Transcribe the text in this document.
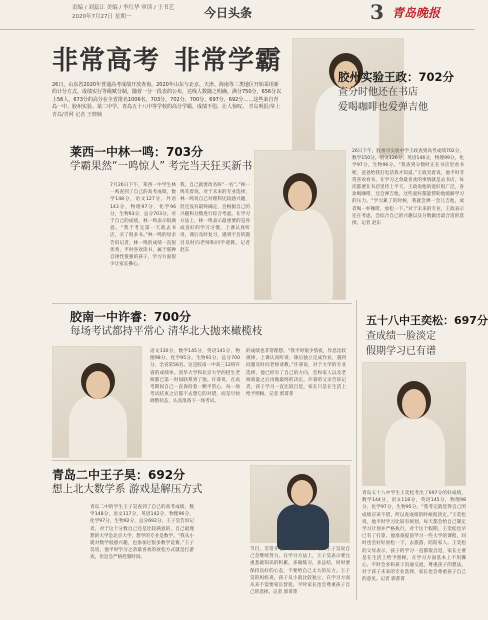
责编 / 刘蕊江 美编 / 李红华 审读 / 王书艺
2020年7月27日 星期一	今日头条	3 青岛晚报
非常高考 非常学霸
26日，山东省2020年普通高考成绩开放查询。2020年山东与北京、天津、海南等二类地区开始采用新的计分方式，成绩实行等级赋分制，随着一分一段表的公布，达线人数随之明确。满分750分，656分以上56人，673分的高分在全省排名1006名，703分、702分、700分、697分、692分……这些来自青岛一中、胶州实验、第二中学、青岛五十八中等学校的高分学霸，成绩不俗，让人惊叹。 青岛晚报/掌上青岛/青网 记者 王晓楠
胶州实验王政：702分
查分时他还在书店
爱喝咖啡也爱弹吉他
26日下午，胶州市实验中学王政查到高考成绩702分，数学150分，语文126分，英语146分，物理99分，化学97分，生物96分。“我查到分数时正在书店里看书呢，爸爸给我打电话我才知道。”王政笑着说，他平时非常喜欢看书，在学习之余最喜欢的事情就是去书店，每次都要在书店里待上半天。王政说他的爱好很广泛，喜欢喝咖啡，还会弹吉他，这些爱好都能帮助他缓解学习的压力。“学习累了的时候，我就会弹一会儿吉他，或者喝一杯咖啡，放松一下。”对于未来的专业，王政表示还在考虑，会综合自己的兴趣以及分数做出最合适的选择。记者 赵东
莱西一中林一鸣：703分
学霸果然“一鸣惊人” 考完当天狂买新书
7月26日下午，莱西一中学生林一鸣查到了自己的高考成绩，数学148分，语文127分，外语143分，物理97分，化学96分，生物93分，总分703分。对于自己的成绩，林一鸣表示很满意。“我于考完第一天就去书店，买了很多书。”林一鸣的母亲告诉记者，林一鸣的成绩一直很优秀，平时喜欢读书，属于那种自律性很强的孩子，学习方面很少让家长操心。
我，自己就要改名叫“一名”。”林一鸣笑着说。对于未来的专业选择，林一鸣说自己对理科比较感兴趣，但还没有最终确定，会根据自己的兴趣和分数进行综合考虑。在学习方法上，林一鸣表示最重要的是养成良好的学习习惯，上课认真听讲，课后及时复习，遇到不会的题目及时向老师和同学请教。记者 赵东
胶南一中许睿：700分
每场考试都持平常心 清华北大抛来橄榄枝
语文130分，数学145分，英语141分，物理98分，化学95分，生物91分，总分700分。全省第56名。这是胶南一中高三12班许睿的成绩单。清华大学和北京大学的招生老师都已第一时间联系到了他。许睿说，在高考期间自己一直保持着一颗平常心，每一场考试结束之后都不去想它的对错，而是尽快调整状态，认真准备下一场考试。
的成绩也非常理想。“我平时很少熬夜，作息比较规律，上课认真听讲，课后独立完成作业，遇到问题及时向老师请教。”许睿说，对于大学的专业选择，他已经有了自己的方向，会和家人以及老师商量之后再做最终的决定。许睿的父亲告诉记者，孩子学习一直比较自觉，家长只是在生活上给予照顾。记者 郭菁菁
青岛二中王子昊：692分
想上北大数学系 游戏是解压方式
青岛二中的学生王子昊查到了自己的高考成绩，数学148分，语文117分，英语142分，物理96分，化学97分，生物92分，总分692分。王子昊告诉记者，对于这个分数自己还是比较满意的，自己最理想的大学是北京大学，想学的专业是数学。“我从小就对数学很感兴趣，也参加过很多数学竞赛。”王子昊说，他平时学习之余最喜欢的放松方式就是打游戏，但是会严格控制时间。
节目，非常开心。对于未来的学习，王子昊说自己会继续努力。在学习方法上，王子昊表示要注重基础知识的积累，多做练习，多总结，同时要保持良好的心态，不要给自己太大的压力。王子昊的妈妈说，孩子从小就比较独立，在学习方面从来不需要家长督促，平时家长也会尊重孩子自己的选择。记者 郭菁菁
五十八中王奕松：697分
查成绩一脸淡定
假期学习已有谱
青岛五十八中学生王奕松考出了697分的好成绩，数学144分，语文118分，英语145分，物理98分，化学97分，生物95分。“我考完就觉得自己的成绩应该不错，所以查成绩的时候很淡定。”王奕松说，他平时学习比较有规划，每天都会给自己制定学习计划并严格执行。对于这个假期，王奕松也早已有了打算，他准备提前学习一些大学的课程，同时也会好好放松一下，去旅游，陪陪家人。王奕松的父母表示，孩子的学习一直都很自觉，家长主要是在生活上给予照顾，在学习方面基本上不用操心，平时会多和孩子沟通交流，尊重孩子的想法。对于孩子未来的专业选择，家长也会尊重孩子自己的意见。记者 郭菁菁
